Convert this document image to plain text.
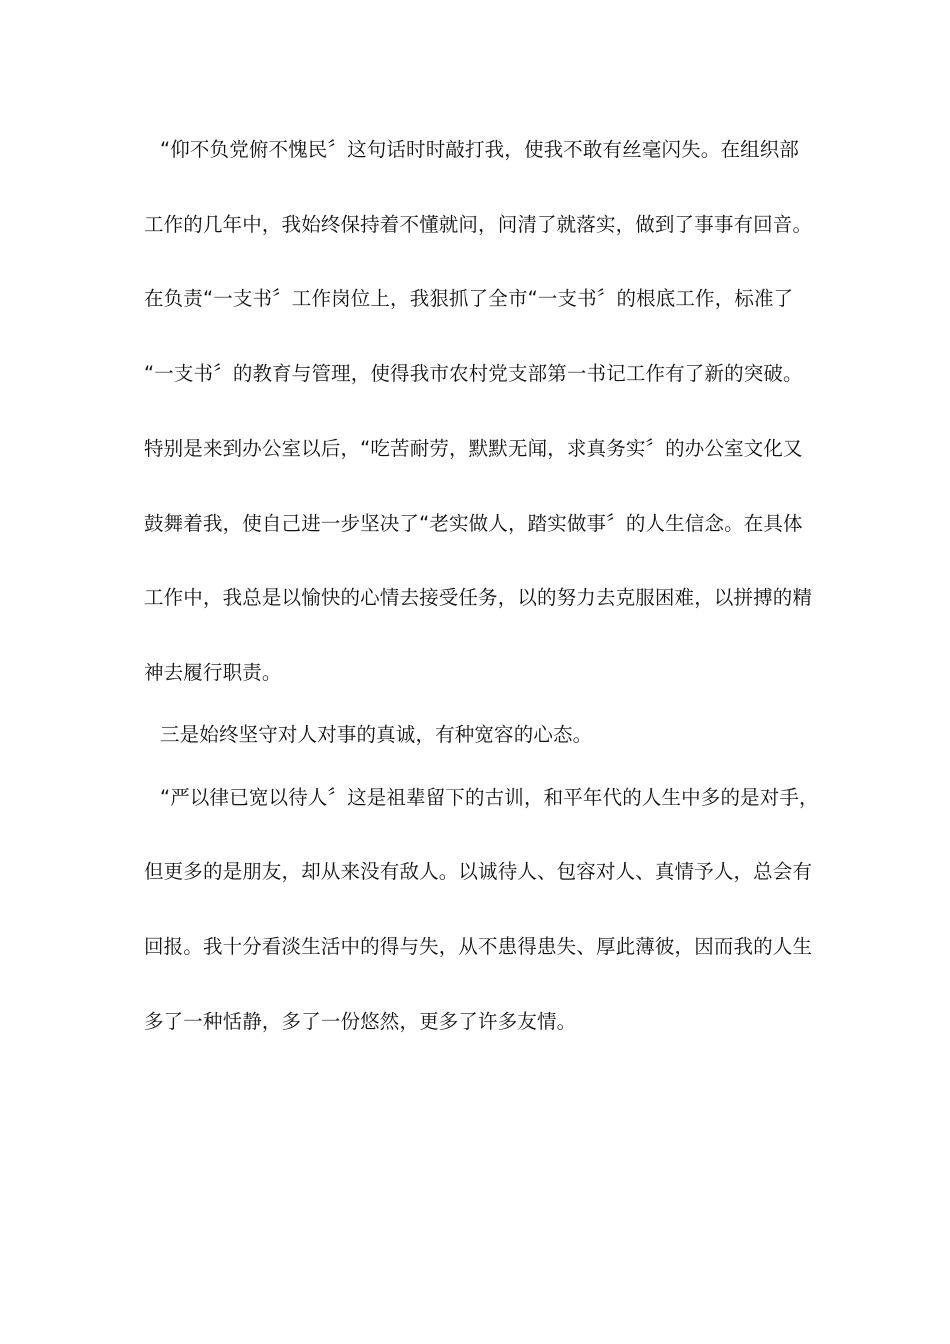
“仰不负党俯不愧民〞这句话时时敲打我，使我不敢有丝毫闪失。在组织部
工作的几年中，我始终保持着不懂就问，问清了就落实，做到了事事有回音。
在负责“一支书〞工作岗位上，我狠抓了全市“一支书〞的根底工作，标准了
“一支书〞的教育与管理，使得我市农村党支部第一书记工作有了新的突破。
特别是来到办公室以后，“吃苦耐劳，默默无闻，求真务实〞的办公室文化又
鼓舞着我，使自己进一步坚决了“老实做人，踏实做事〞的人生信念。在具体
工作中，我总是以愉快的心情去接受任务，以的努力去克服困难，以拼搏的精
神去履行职责。
三是始终坚守对人对事的真诚，有种宽容的心态。
“严以律已宽以待人〞这是祖辈留下的古训，和平年代的人生中多的是对手，
但更多的是朋友，却从来没有敌人。以诚待人、包容对人、真情予人，总会有
回报。我十分看淡生活中的得与失，从不患得患失、厚此薄彼，因而我的人生
多了一种恬静，多了一份悠然，更多了许多友情。
